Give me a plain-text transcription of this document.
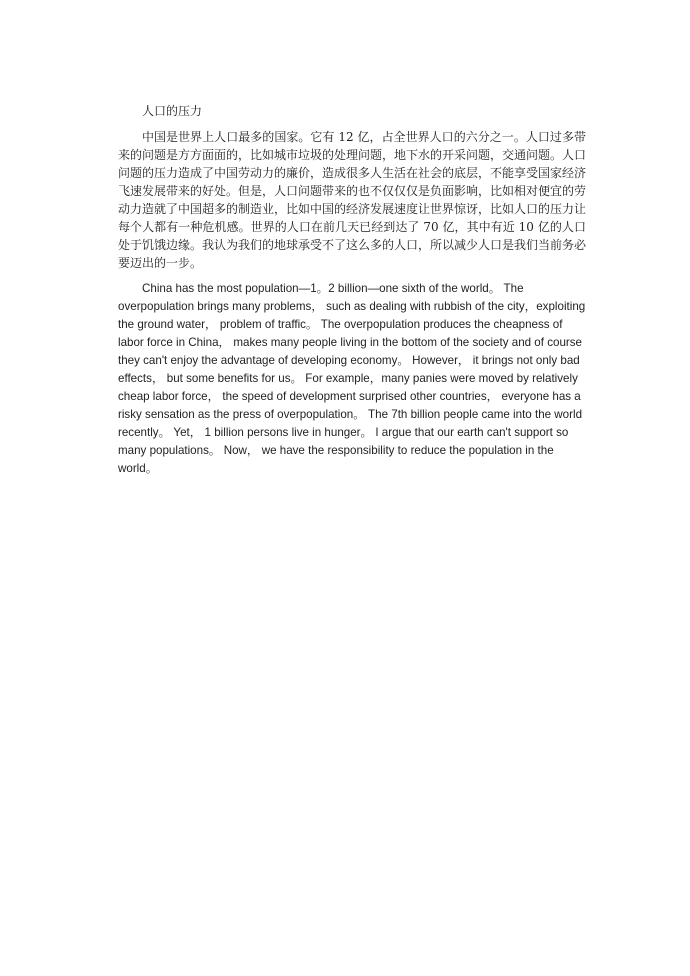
人口的压力

中国是世界上人口最多的国家。它有 12 亿，占全世界人口的六分之一。人口过多带来的问题是方方面面的，比如城市垃圾的处理问题，地下水的开采问题，交通问题。人口问题的压力造成了中国劳动力的廉价，造成很多人生活在社会的底层，不能享受国家经济飞速发展带来的好处。但是，人口问题带来的也不仅仅仅是负面影响，比如相对便宜的劳动力造就了中国超多的制造业，比如中国的经济发展速度让世界惊讶，比如人口的压力让每个人都有一种危机感。世界的人口在前几天已经到达了 70 亿，其中有近 10 亿的人口处于饥饿边缘。我认为我们的地球承受不了这么多的人口，所以减少人口是我们当前务必要迈出的一步。

China has the most population—1。2 billion—one sixth of the world。 The overpopulation brings many problems， such as dealing with rubbish of the city，exploiting the ground water， problem of traffic。 The overpopulation produces the cheapness of labor force in China， makes many people living in the bottom of the society and of course they can't enjoy the advantage of developing economy。 However， it brings not only bad effects， but some benefits for us。 For example，many panies were moved by relatively cheap labor force， the speed of development surprised other countries， everyone has a risky sensation as the press of overpopulation。 The 7th billion people came into the world recently。 Yet， 1 billion persons live in hunger。 I argue that our earth can't support so many populations。 Now， we have the responsibility to reduce the population in the world。
